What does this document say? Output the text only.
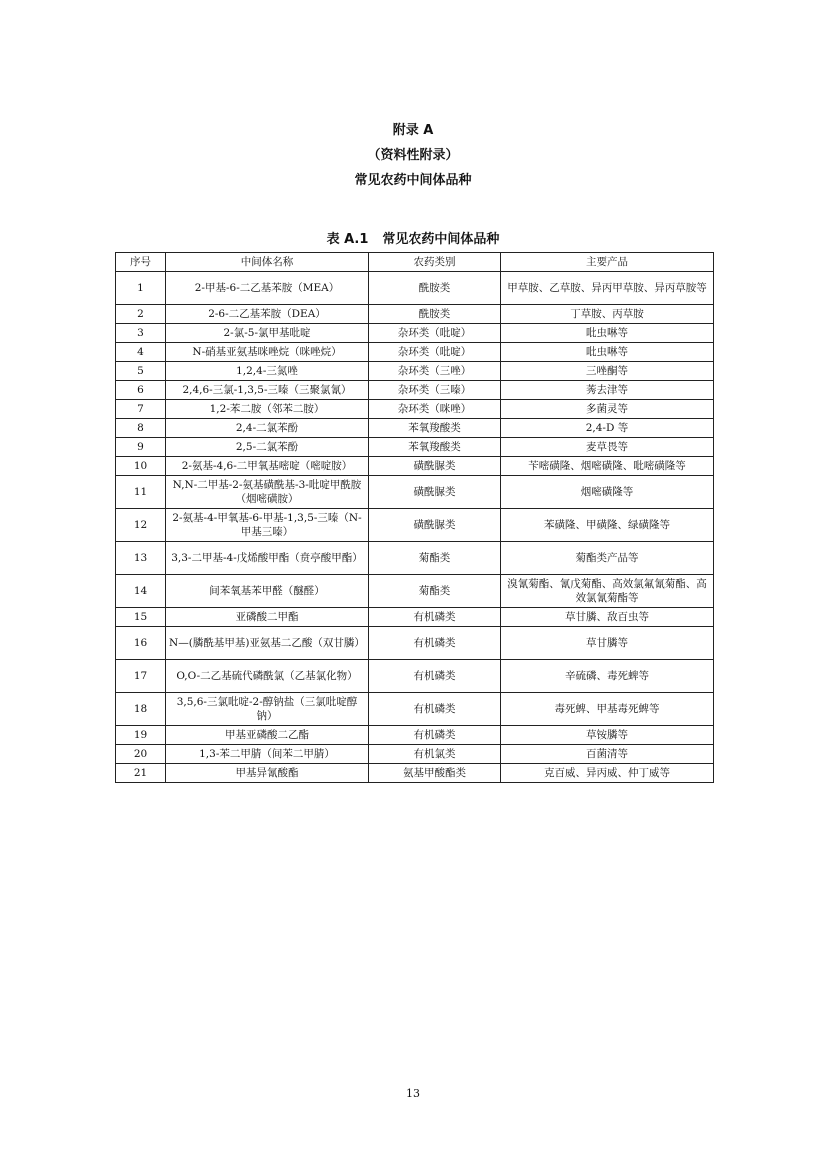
附录 A
（资料性附录）
常见农药中间体品种
表 A.1 常见农药中间体品种
序号	中间体名称	农药类别	主要产品
1	2-甲基-6-二乙基苯胺（MEA）	酰胺类	甲草胺、乙草胺、异丙甲草胺、异丙草胺等
2	2-6-二乙基苯胺（DEA）	酰胺类	丁草胺、丙草胺
3	2-氯-5-氯甲基吡啶	杂环类（吡啶）	吡虫啉等
4	N-硝基亚氨基咪唑烷（咪唑烷）	杂环类（吡啶）	吡虫啉等
5	1,2,4-三氮唑	杂环类（三唑）	三唑酮等
6	2,4,6-三氯-1,3,5-三嗪（三聚氯氰）	杂环类（三嗪）	莠去津等
7	1,2-苯二胺（邻苯二胺）	杂环类（咪唑）	多菌灵等
8	2,4-二氯苯酚	苯氧羧酸类	2,4-D 等
9	2,5-二氯苯酚	苯氧羧酸类	麦草畏等
10	2-氨基-4,6-二甲氧基嘧啶（嘧啶胺）	磺酰脲类	苄嘧磺隆、烟嘧磺隆、吡嘧磺隆等
11	N,N-二甲基-2-氨基磺酰基-3-吡啶甲酰胺（烟嘧磺胺）	磺酰脲类	烟嘧磺隆等
12	2-氨基-4-甲氧基-6-甲基-1,3,5-三嗪（N-甲基三嗪）	磺酰脲类	苯磺隆、甲磺隆、绿磺隆等
13	3,3-二甲基-4-戊烯酸甲酯（贲亭酸甲酯）	菊酯类	菊酯类产品等
14	间苯氧基苯甲醛（醚醛）	菊酯类	溴氰菊酯、氰戊菊酯、高效氯氟氰菊酯、高效氯氰菊酯等
15	亚磷酸二甲酯	有机磷类	草甘膦、敌百虫等
16	N—(膦酰基甲基)亚氨基二乙酸（双甘膦）	有机磷类	草甘膦等
17	O,O-二乙基硫代磷酰氯（乙基氯化物）	有机磷类	辛硫磷、毒死蜱等
18	3,5,6-三氯吡啶-2-醇钠盐（三氯吡啶醇钠）	有机磷类	毒死蜱、甲基毒死蜱等
19	甲基亚磷酸二乙酯	有机磷类	草铵膦等
20	1,3-苯二甲腈（间苯二甲腈）	有机氯类	百菌清等
21	甲基异氰酸酯	氨基甲酸酯类	克百威、异丙威、仲丁威等
13
